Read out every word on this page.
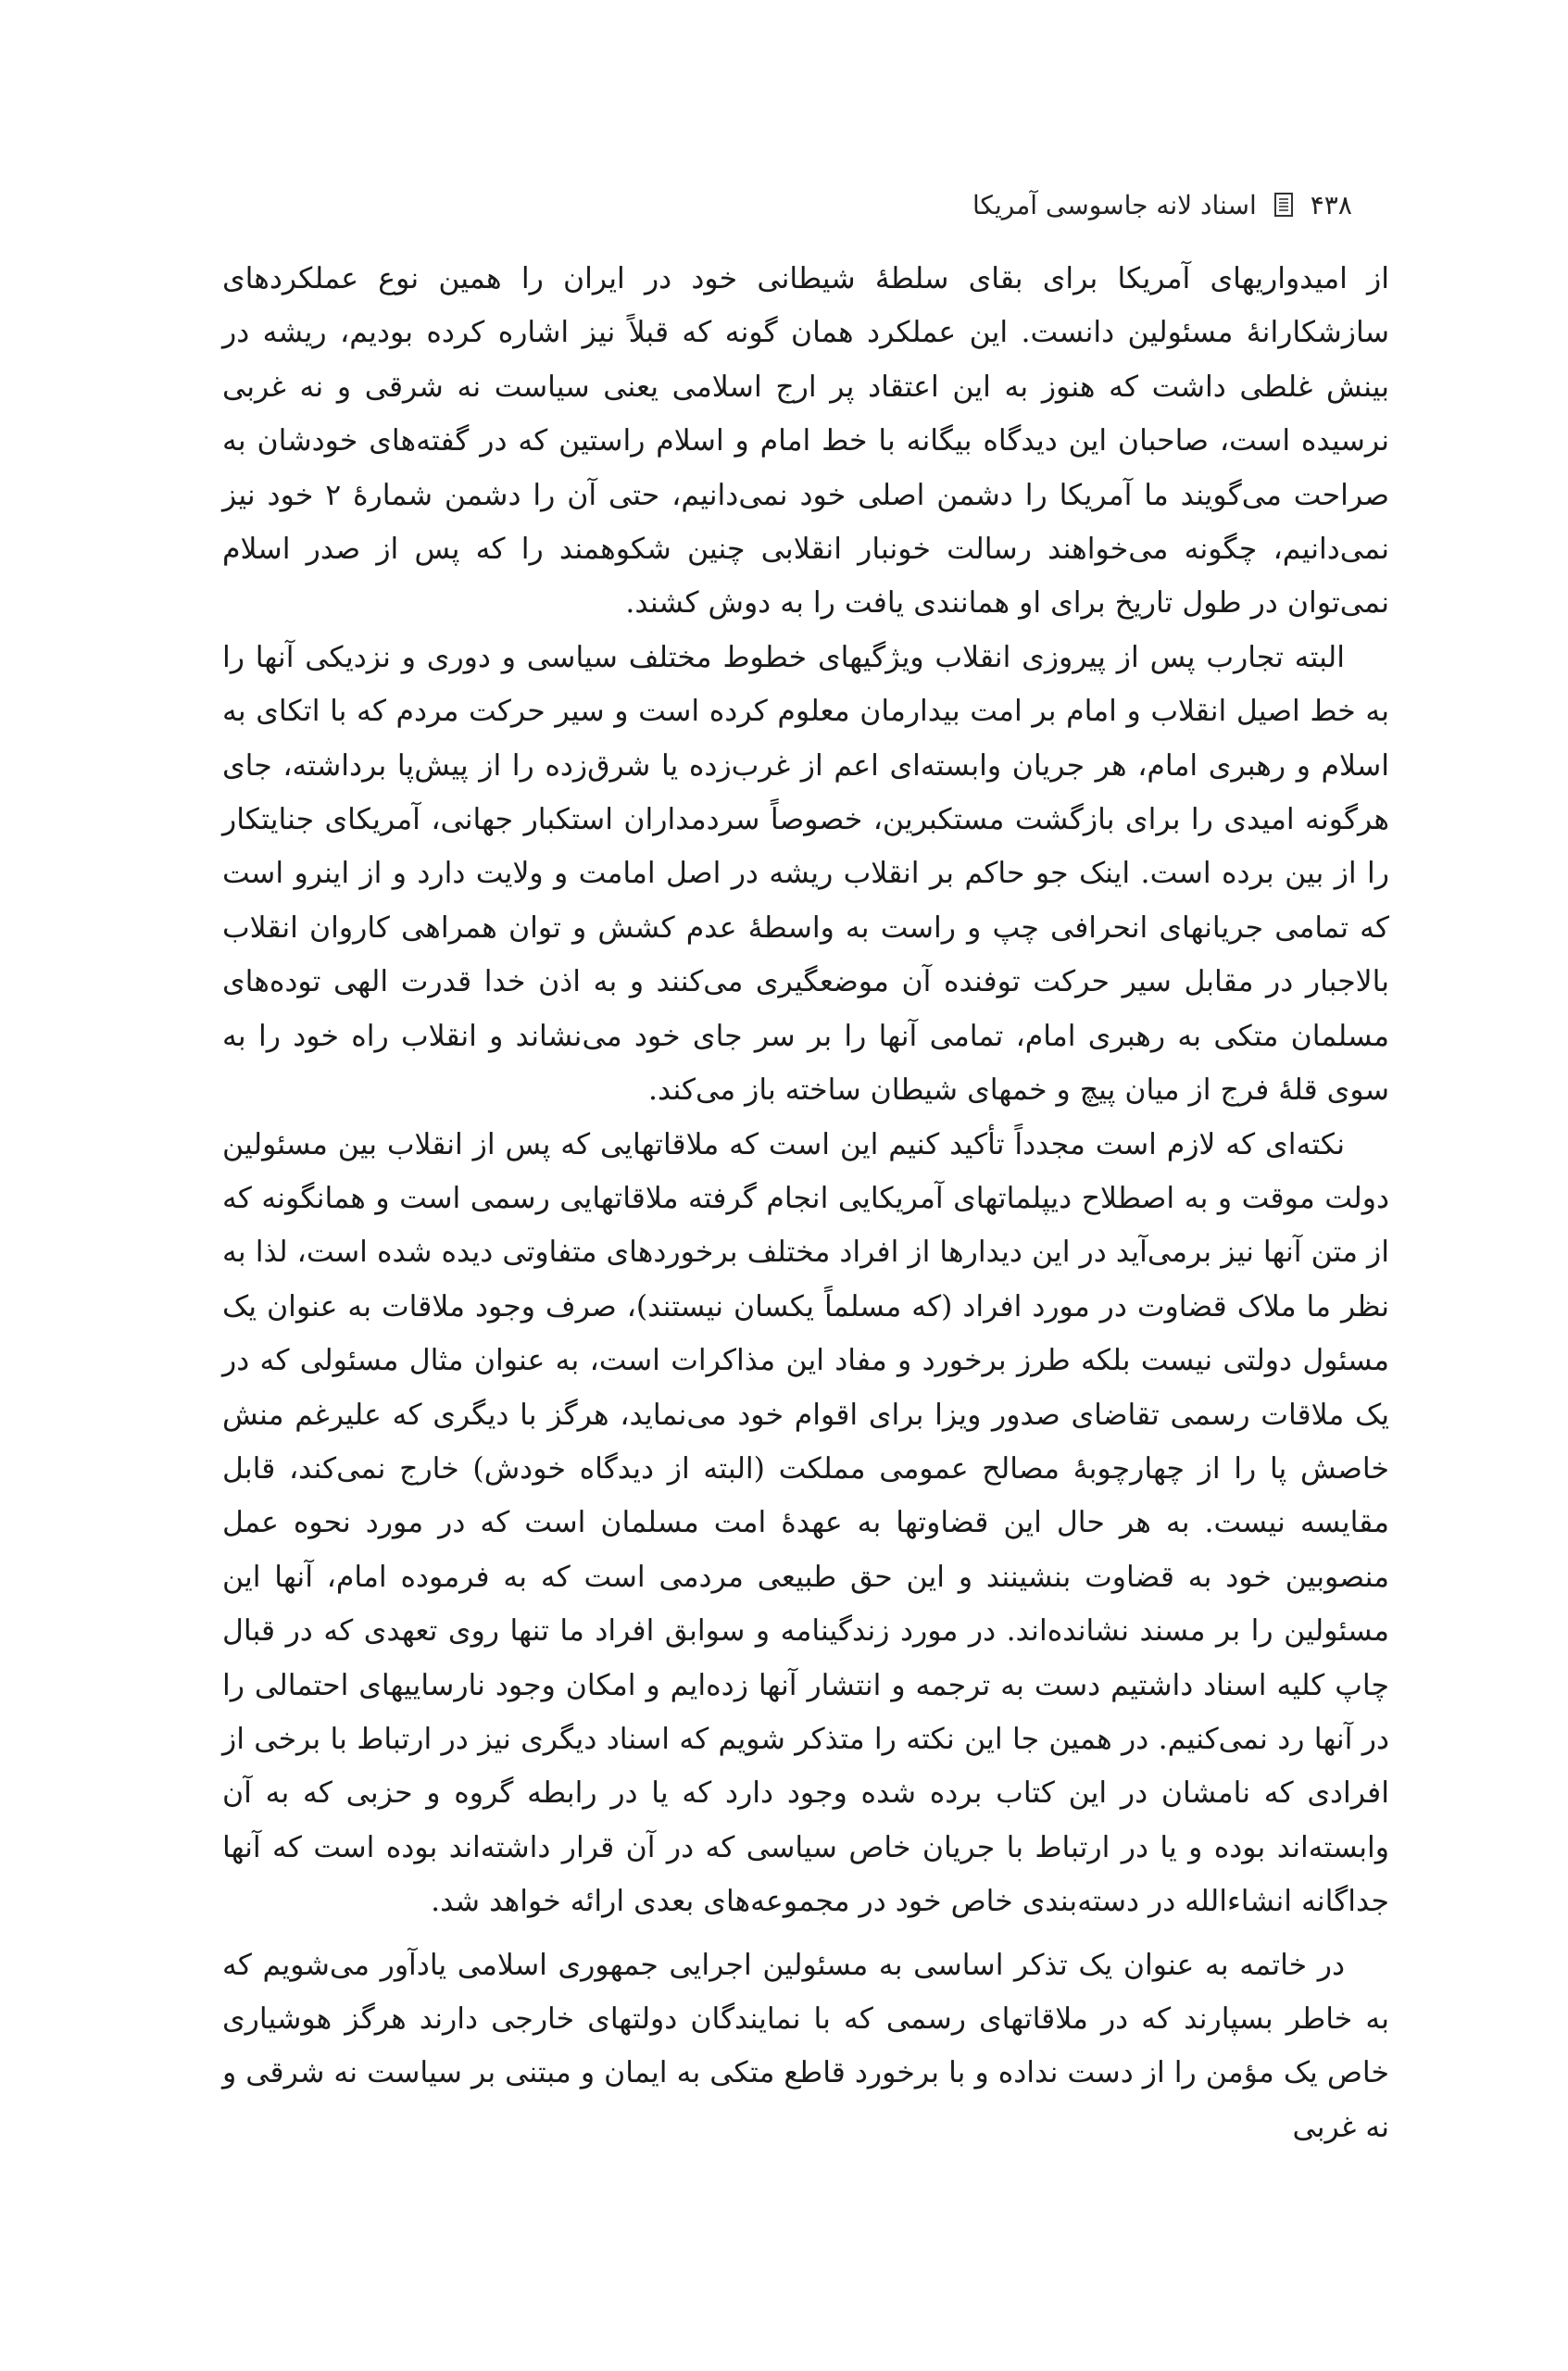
اسناد لانه جاسوسی آمریکا ۴۳۸

از امیدواریهای آمریکا برای بقای سلطۀ شیطانی خود در ایران را همین نوع عملکردهای سازشکارانۀ مسئولین دانست. این عملکرد همان گونه که قبلاً نیز اشاره کرده بودیم، ریشه در بینش غلطی داشت که هنوز به این اعتقاد پر ارج اسلامی یعنی سیاست نه شرقی و نه غربی نرسیده است، صاحبان این دیدگاه بیگانه با خط امام و اسلام راستین که در گفته‌های خودشان به صراحت می‌گویند ما آمریکا را دشمن اصلی خود نمی‌دانیم، حتی آن را دشمن شمارۀ ۲ خود نیز نمی‌دانیم، چگونه می‌خواهند رسالت خونبار انقلابی چنین شکوهمند را که پس از صدر اسلام نمی‌توان در طول تاریخ برای او همانندی یافت را به دوش کشند.

البته تجارب پس از پیروزی انقلاب ویژگیهای خطوط مختلف سیاسی و دوری و نزدیکی آنها را به خط اصیل انقلاب و امام بر امت بیدارمان معلوم کرده است و سیر حرکت مردم که با اتکای به اسلام و رهبری امام، هر جریان وابسته‌ای اعم از غرب‌زده یا شرق‌زده را از پیش‌پا برداشته، جای هرگونه امیدی را برای بازگشت مستکبرین، خصوصاً سردمداران استکبار جهانی، آمریکای جنایتکار را از بین برده است. اینک جو حاکم بر انقلاب ریشه در اصل امامت و ولایت دارد و از اینرو است که تمامی جریانهای انحرافی چپ و راست به واسطۀ عدم کشش و توان همراهی کاروان انقلاب بالاجبار در مقابل سیر حرکت توفنده آن موضعگیری می‌کنند و به اذن خدا قدرت الهی توده‌های مسلمان متکی به رهبری امام، تمامی آنها را بر سر جای خود می‌نشاند و انقلاب راه خود را به سوی قلۀ فرج از میان پیچ و خمهای شیطان ساخته باز می‌کند.

نکته‌ای که لازم است مجدداً تأکید کنیم این است که ملاقاتهایی که پس از انقلاب بین مسئولین دولت موقت و به اصطلاح دیپلماتهای آمریکایی انجام گرفته ملاقاتهایی رسمی است و همانگونه که از متن آنها نیز برمی‌آید در این دیدارها از افراد مختلف برخوردهای متفاوتی دیده شده است، لذا به نظر ما ملاک قضاوت در مورد افراد (که مسلماً یکسان نیستند)، صرف وجود ملاقات به عنوان یک مسئول دولتی نیست بلکه طرز برخورد و مفاد این مذاکرات است، به عنوان مثال مسئولی که در یک ملاقات رسمی تقاضای صدور ویزا برای اقوام خود می‌نماید، هرگز با دیگری که علیرغم منش خاصش پا را از چهارچوبۀ مصالح عمومی مملکت (البته از دیدگاه خودش) خارج نمی‌کند، قابل مقایسه نیست. به هر حال این قضاوتها به عهدۀ امت مسلمان است که در مورد نحوه عمل منصوبین خود به قضاوت بنشینند و این حق طبیعی مردمی است که به فرموده امام، آنها این مسئولین را بر مسند نشانده‌اند. در مورد زندگینامه و سوابق افراد ما تنها روی تعهدی که در قبال چاپ کلیه اسناد داشتیم دست به ترجمه و انتشار آنها زده‌ایم و امکان وجود نارساییهای احتمالی را در آنها رد نمی‌کنیم. در همین جا این نکته را متذکر شویم که اسناد دیگری نیز در ارتباط با برخی از افرادی که نامشان در این کتاب برده شده وجود دارد که یا در رابطه گروه و حزبی که به آن وابسته‌اند بوده و یا در ارتباط با جریان خاص سیاسی که در آن قرار داشته‌اند بوده است که آنها جداگانه انشاءالله در دسته‌بندی خاص خود در مجموعه‌های بعدی ارائه خواهد شد.

در خاتمه به عنوان یک تذکر اساسی به مسئولین اجرایی جمهوری اسلامی یادآور می‌شویم که به خاطر بسپارند که در ملاقاتهای رسمی که با نمایندگان دولتهای خارجی دارند هرگز هوشیاری خاص یک مؤمن را از دست نداده و با برخورد قاطع متکی به ایمان و مبتنی بر سیاست نه شرقی و نه غربی
